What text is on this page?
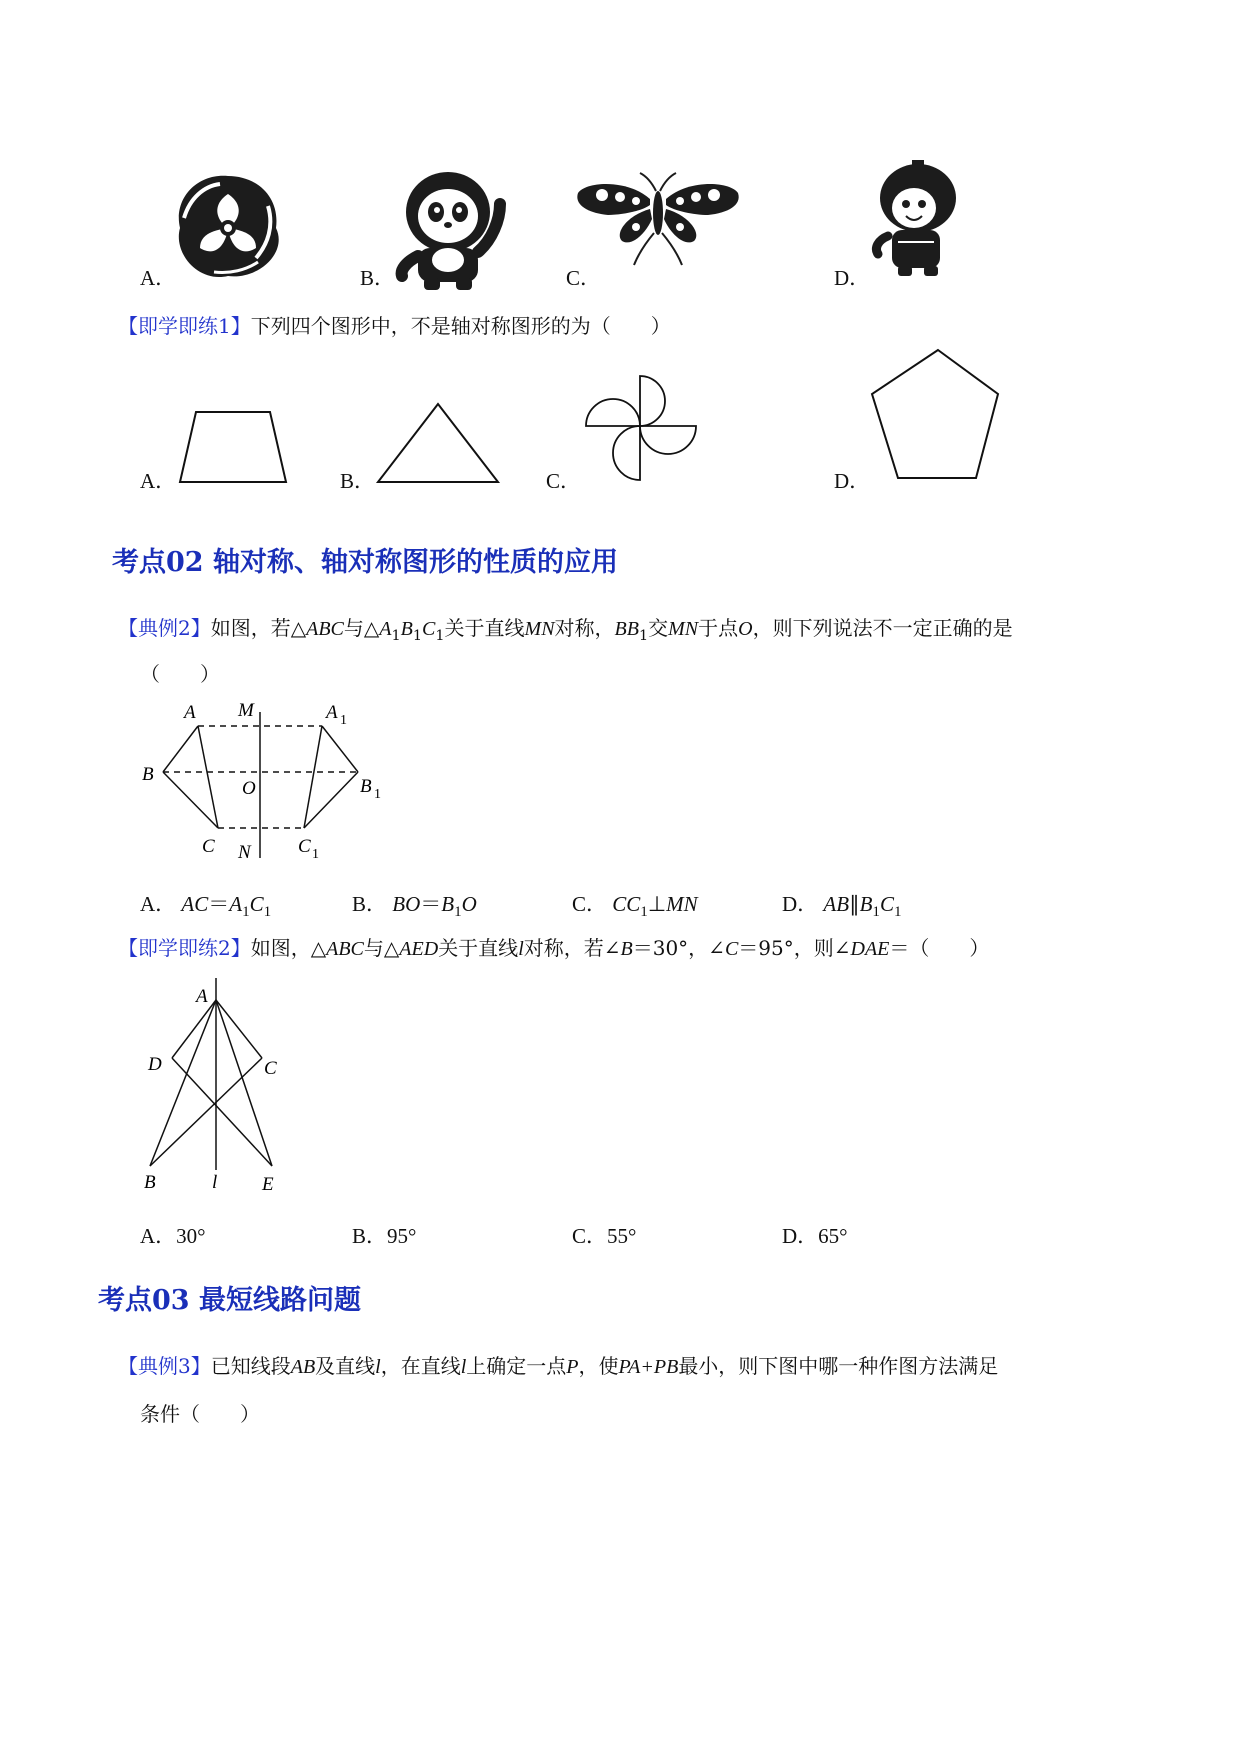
A．	B．	C．	D．
【即学即练1】下列四个图形中，不是轴对称图形的为（　　）
A．	B．	C．	D．
考点02 轴对称、轴对称图形的性质的应用
【典例2】如图，若△ABC与$\triangle A_1B_1C_1$关于直线MN对称，$BB_1$交MN于点O，则下列说法不一定正确的是
（　　）
A M	A 1
B
O	B 1
C N C 1
A． $AC=A_1C_1$	B． $BO=B_1O$	C． $CC_1\perp MN$	D． $AB\parallel B_1C_1$
【即学即练2】如图，△ABC与△AED关于直线l对称，若∠B＝30°，∠C＝95°，则∠DAE＝（　　）
A
D	C
B	l E
A．30°	B．95°	C．55°	D．65°
考点03 最短线路问题
【典例3】已知线段AB及直线l，在直线l上确定一点P，使PA+PB最小，则下图中哪一种作图方法满足
条件（　　）
